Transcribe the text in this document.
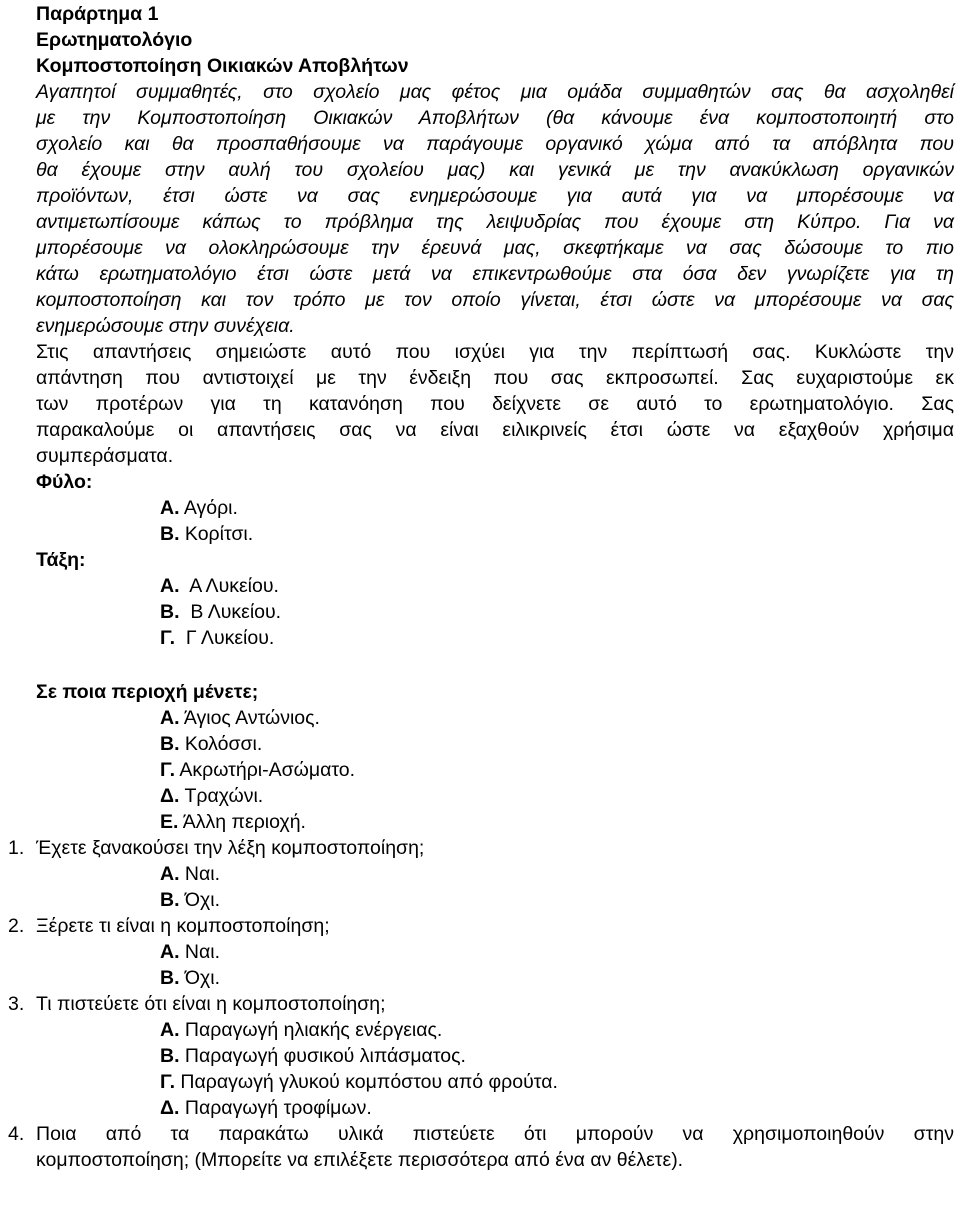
Παράρτημα 1
Ερωτηματολόγιο
Κομποστοποίηση Οικιακών Αποβλήτων
Αγαπητοί συμμαθητές, στο σχολείο μας φέτος μια ομάδα συμμαθητών σας θα ασχοληθεί
με την Κομποστοποίηση Οικιακών Αποβλήτων (θα κάνουμε ένα κομποστοποιητή στο
σχολείο και θα προσπαθήσουμε να παράγουμε οργανικό χώμα από τα απόβλητα που
θα έχουμε στην αυλή του σχολείου μας) και γενικά με την ανακύκλωση οργανικών
προϊόντων, έτσι ώστε να σας ενημερώσουμε για αυτά για να μπορέσουμε να
αντιμετωπίσουμε κάπως το πρόβλημα της λειψυδρίας που έχουμε στη Κύπρο. Για να
μπορέσουμε να ολοκληρώσουμε την έρευνά μας, σκεφτήκαμε να σας δώσουμε το πιο
κάτω ερωτηματολόγιο έτσι ώστε μετά να επικεντρωθούμε στα όσα δεν γνωρίζετε για τη
κομποστοποίηση και τον τρόπο με τον οποίο γίνεται, έτσι ώστε να μπορέσουμε να σας
ενημερώσουμε στην συνέχεια.
Στις απαντήσεις σημειώστε αυτό που ισχύει για την περίπτωσή σας. Κυκλώστε την
απάντηση που αντιστοιχεί με την ένδειξη που σας εκπροσωπεί. Σας ευχαριστούμε εκ
των προτέρων για τη κατανόηση που δείχνετε σε αυτό το ερωτηματολόγιο. Σας
παρακαλούμε οι απαντήσεις σας να είναι ειλικρινείς έτσι ώστε να εξαχθούν χρήσιμα
συμπεράσματα.
Φύλο:
Α. Αγόρι.
Β. Κορίτσι.
Τάξη:
Α. Α Λυκείου.
Β. Β Λυκείου.
Γ. Γ Λυκείου.
Σε ποια περιοχή μένετε;
Α. Άγιος Αντώνιος.
Β. Κολόσσι.
Γ. Ακρωτήρι-Ασώματο.
Δ. Τραχώνι.
Ε. Άλλη περιοχή.
1. Έχετε ξανακούσει την λέξη κομποστοποίηση;
Α. Ναι.
Β. Όχι.
2. Ξέρετε τι είναι η κομποστοποίηση;
Α. Ναι.
Β. Όχι.
3. Τι πιστεύετε ότι είναι η κομποστοποίηση;
Α. Παραγωγή ηλιακής ενέργειας.
Β. Παραγωγή φυσικού λιπάσματος.
Γ. Παραγωγή γλυκού κομπόστου από φρούτα.
Δ. Παραγωγή τροφίμων.
4. Ποια από τα παρακάτω υλικά πιστεύετε ότι μπορούν να χρησιμοποιηθούν στην
κομποστοποίηση; (Μπορείτε να επιλέξετε περισσότερα από ένα αν θέλετε).
